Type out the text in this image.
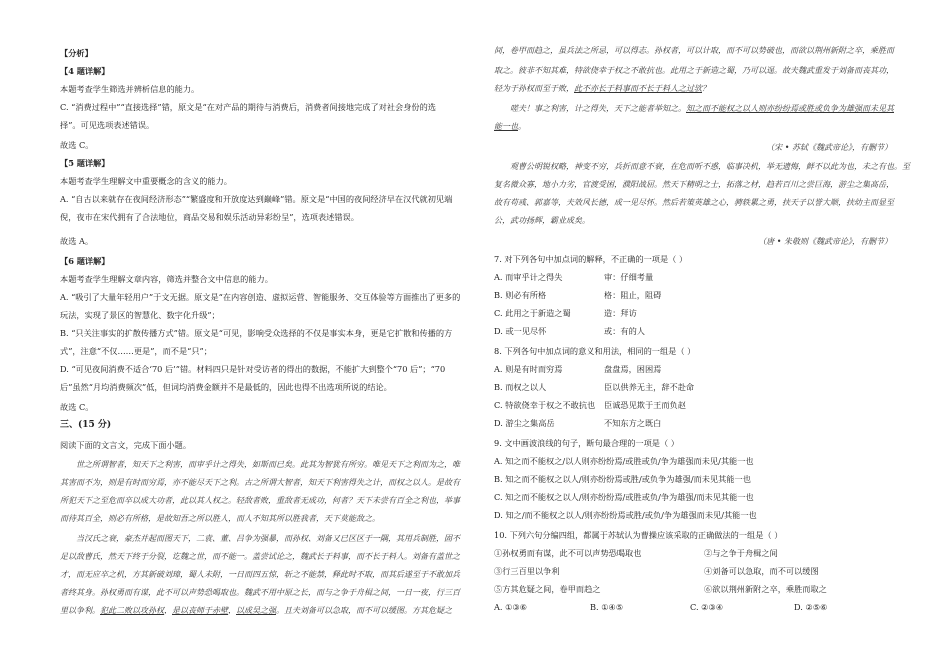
【分析】
【4 题详解】
本题考查学生筛选并辨析信息的能力。
C. “消费过程中”“直接选择”错，原文是“在对产品的期待与消费后，消费者间接地完成了对社会身份的选
择”。可见选项表述错误。
故选 C。
【5 题详解】
本题考查学生理解文中重要概念的含义的能力。
A. “自古以来就存在夜间经济形态”“繁盛度和开放度达到巅峰”错。原文是“中国的夜间经济早在汉代就初见端
倪，夜市在宋代拥有了合法地位，商品交易和娱乐活动异彩纷呈”，选项表述错误。
故选 A。
【6 题详解】
本题考查学生理解文章内容，筛选并整合文中信息的能力。
A. “吸引了大量年轻用户”于文无据。原文是“在内容创造、虚拟运营、智能服务、交互体验等方面推出了更多的
玩法，实现了景区的智慧化、数字化升级”；
B. “只关注事实的扩散传播方式”错。原文是“可见，影响受众选择的不仅是事实本身，更是它扩散和传播的方
式”，注意“不仅……更是”，而不是“只”；
D. “可见夜间消费不适合‘70 后’”错。材料四只是针对受访者的得出的数据，不能扩大到整个“70 后”；“70
后”虽然“月均消费频次”低，但词均消费金额并不是最低的，因此也得不出选项所说的结论。
故选 C。
三、(15 分)
阅读下面的文言文，完成下面小题。
世之所谓智者，知天下之利害，而审乎计之得失，如斯而已矣。此其为智犹有所穷。唯见天下之利而为之，唯
其害而不为，则是有时而穷焉，亦不能尽天下之利。古之所谓大智者，知天下利害得失之计，而权之以人。是故有
所犯天下之至危而卒以成大功者，此以其人权之。轻敌者败，重敌者无成功，何者？天下未尝有百全之利也，举事
而待其百全，则必有所格，是故知吾之所以胜人，而人不知其所以胜我者，天下莫能敌之。
当汉氏之衰，豪杰并起而图天下，二袁、董、吕争为强暴，而孙权、刘备又已区区于一隅，其用兵制胜，固不
足以敌曹氏，然天下终于分裂，讫魏之世，而不能一。盖尝试论之，魏武长于料事，而不长于料人。刘备有盖世之
才，而无应卒之机，方其新破刘璋，蜀人未附，一日而四五惊，斩之不能禁，释此时不取，而其后遂至于不敢加兵
者终其身。孙权勇而有谋，此不可以声势恐喝取也。魏武不用中原之长，而与之争于舟楫之间，一日一夜，行三百
里以争利。犯此二败以攻孙权，是以丧师于赤壁，以成吴之强。且夫刘备可以急取，而不可以缓图。方其危疑之
间，卷甲而趋之，虽兵法之所忌，可以得志。孙权者，可以计取，而不可以势破也，而欲以荆州新附之卒，乘胜而
取之。彼非不知其难，特欲侥幸于权之不敢抗也。此用之于新造之蜀，乃可以逞。故夫魏武重发于刘备而丧其功，
轻为于孙权而至于败，此不亦长于料事而不长于料人之过欤？
嗟夫！事之利害，计之得失，天下之能者举知之。知之而不能权之以人则亦纷纷焉或胜或负争为雄强而未见其
能一也。
（宋 • 苏轼《魏武帝论》，有删节）
观曹公明锐权略，神变不穷，兵折而意不衰，在危而听不惑，临事决机，举无遗悔，鲜不以此为也，未之有也。至
复名微众寡，地小力劣，官渡受困，濮阳战屈。然天下精明之士，拓落之材，趋若百川之尝巨海，游尘之集高岳，
故有苟彧、郭嘉等，夫效风长德，成一见尽怀。然后若策英雄之心，骋轶累之勇，扶天子以誉大顺，扶幼主而显至
公，武功扬辉，霸业成矣。
（唐 • 朱敬则《魏武帝论》，有删节）
7. 对下列各句中加点词的解释，不正确的一项是（ ）
A. 而审乎计之得失	审：仔细考量
B. 则必有所格	格：阻止，阻碍
C. 此用之于新造之蜀	造：拜访
D. 或一见尽怀	或：有的人
8. 下列各句中加点词的意义和用法，相同的一组是（ ）
A. 则是有时而穷焉	盘盘焉，困困焉
B. 而权之以人	臣以供养无主，辞不赴命
C. 特欲侥幸于权之不敢抗也 臣诚恐见欺于王而负赵
D. 游尘之集高岳	不知东方之既白
9. 文中画波浪线的句子，断句最合理的一项是（ ）
A. 知之而不能权之/以人则亦纷纷焉/或胜或负/争为雄强而未见/其能一也
B. 知之而不能权之以人/则亦纷纷焉或胜/或负争为雄强/而未见其能一也
C. 知之而不能权之以人/则亦纷纷焉/或胜或负/争为雄强/而未见其能一也
D. 知之/而不能权之以人/则亦纷纷焉或胜/或负/争为雄强而未见/其能一也
10. 下列六句分编四组，都属于苏轼认为曹操应该采取的正确做法的一组是（ ）
①孙权勇而有谋，此不可以声势恐喝取也	②与之争于舟楫之间
③行三百里以争利	④刘备可以急取，而不可以缓图
⑤方其危疑之间，卷甲而趋之	⑥欲以荆州新附之卒，乘胜而取之
A. ①③⑥	B. ①④⑤	C. ②③④	D. ②⑤⑥
